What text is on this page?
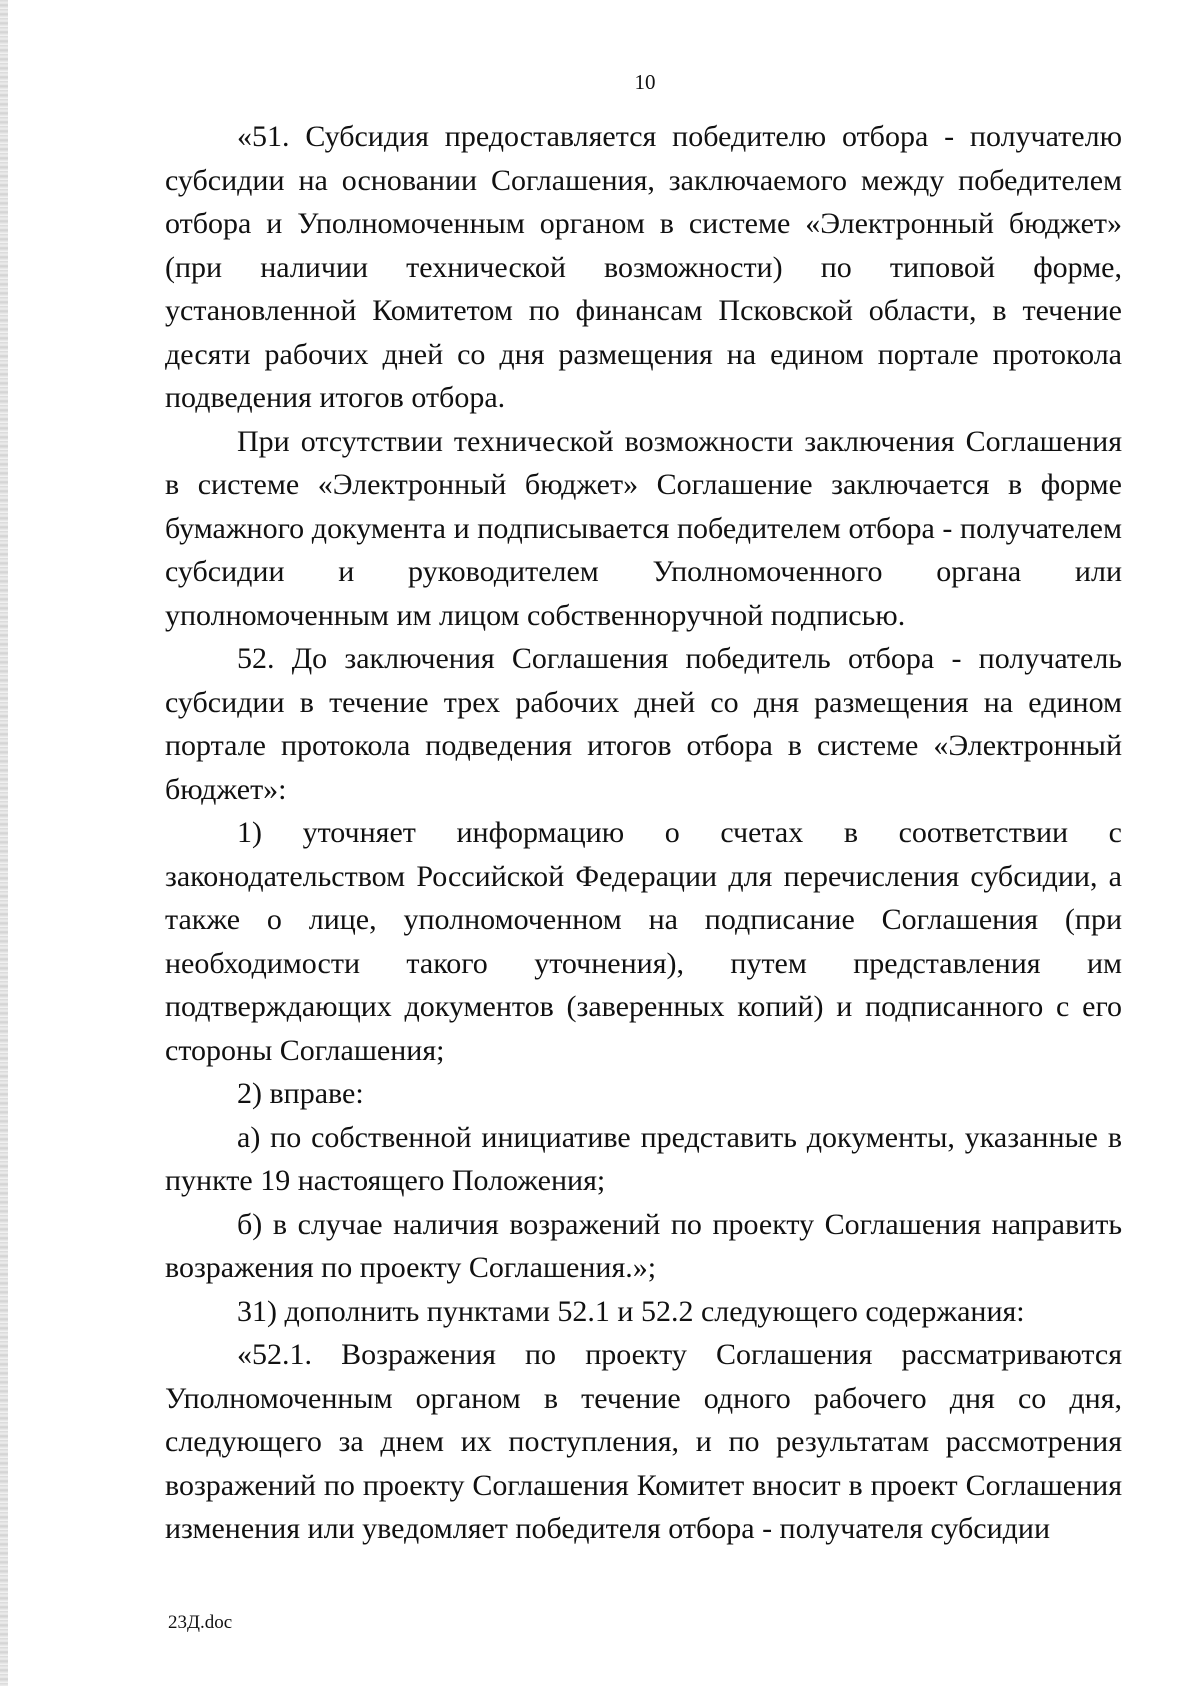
10

«51. Субсидия предоставляется победителю отбора - получателю субсидии на основании Соглашения, заключаемого между победителем отбора и Уполномоченным органом в системе «Электронный бюджет» (при наличии технической возможности) по типовой форме, установленной Комитетом по финансам Псковской области, в течение десяти рабочих дней со дня размещения на едином портале протокола подведения итогов отбора.

При отсутствии технической возможности заключения Соглашения в системе «Электронный бюджет» Соглашение заключается в форме бумажного документа и подписывается победителем отбора - получателем субсидии и руководителем Уполномоченного органа или уполномоченным им лицом собственноручной подписью.

52. До заключения Соглашения победитель отбора - получатель субсидии в течение трех рабочих дней со дня размещения на едином портале протокола подведения итогов отбора в системе «Электронный бюджет»:

1) уточняет информацию о счетах в соответствии с законодательством Российской Федерации для перечисления субсидии, а также о лице, уполномоченном на подписание Соглашения (при необходимости такого уточнения), путем представления им подтверждающих документов (заверенных копий) и подписанного с его стороны Соглашения;

2) вправе:

а) по собственной инициативе представить документы, указанные в пункте 19 настоящего Положения;

б) в случае наличия возражений по проекту Соглашения направить возражения по проекту Соглашения.»;

31) дополнить пунктами 52.1 и 52.2 следующего содержания:

«52.1. Возражения по проекту Соглашения рассматриваются Уполномоченным органом в течение одного рабочего дня со дня, следующего за днем их поступления, и по результатам рассмотрения возражений по проекту Соглашения Комитет вносит в проект Соглашения изменения или уведомляет победителя отбора - получателя субсидии

23Д.doc
